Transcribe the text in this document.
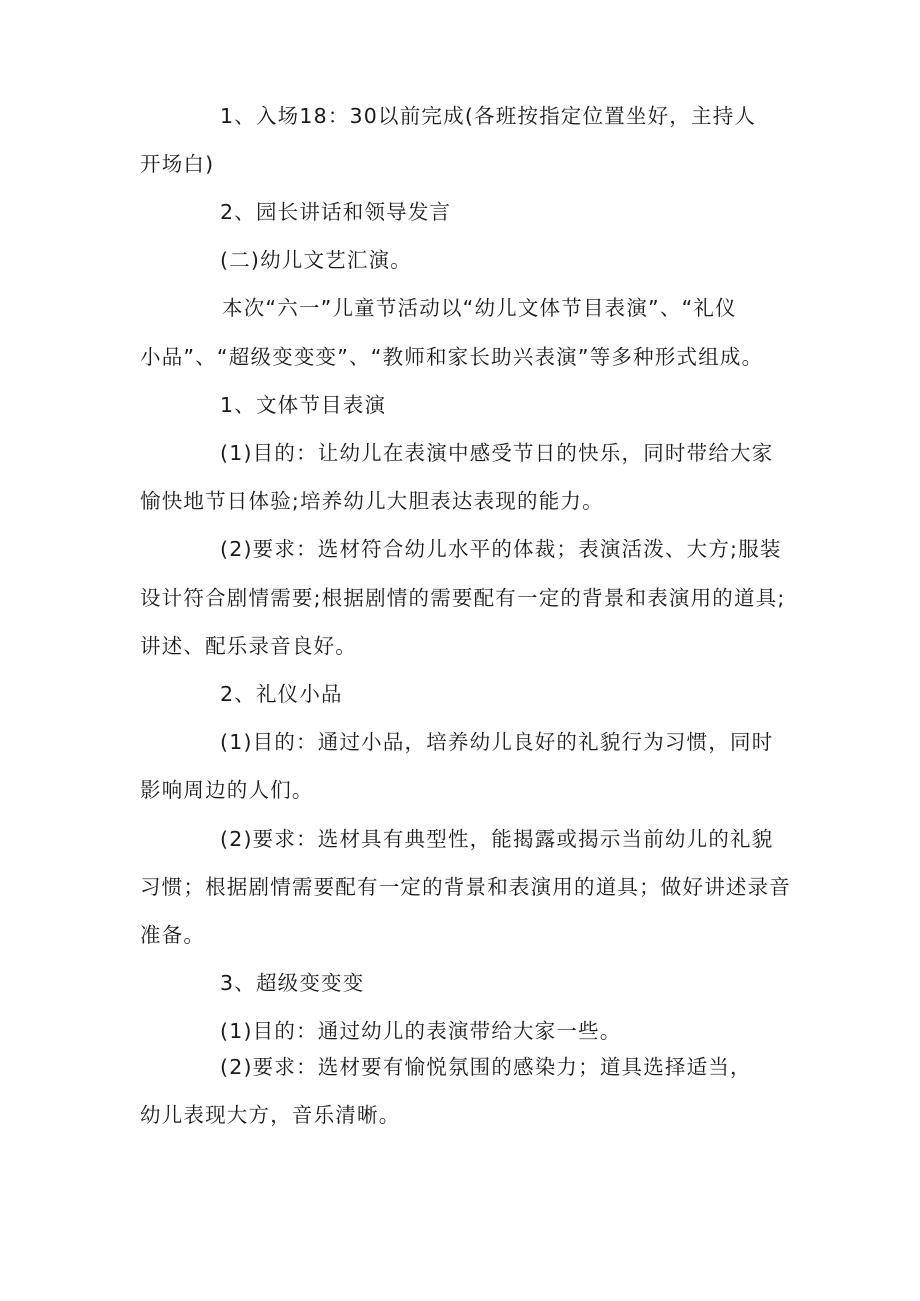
1、入场18：30以前完成(各班按指定位置坐好，主持人
开场白)
2、园长讲话和领导发言
(二)幼儿文艺汇演。
本次“六一”儿童节活动以“幼儿文体节目表演”、“礼仪
小品”、“超级变变变”、“教师和家长助兴表演”等多种形式组成。
1、文体节目表演
(1)目的：让幼儿在表演中感受节日的快乐，同时带给大家
愉快地节日体验;培养幼儿大胆表达表现的能力。
(2)要求：选材符合幼儿水平的体裁；表演活泼、大方;服装
设计符合剧情需要;根据剧情的需要配有一定的背景和表演用的道具;
讲述、配乐录音良好。
2、礼仪小品
(1)目的：通过小品，培养幼儿良好的礼貌行为习惯，同时
影响周边的人们。
(2)要求：选材具有典型性，能揭露或揭示当前幼儿的礼貌
习惯；根据剧情需要配有一定的背景和表演用的道具；做好讲述录音
准备。
3、超级变变变
(1)目的：通过幼儿的表演带给大家一些。
(2)要求：选材要有愉悦氛围的感染力；道具选择适当，
幼儿表现大方，音乐清晰。
